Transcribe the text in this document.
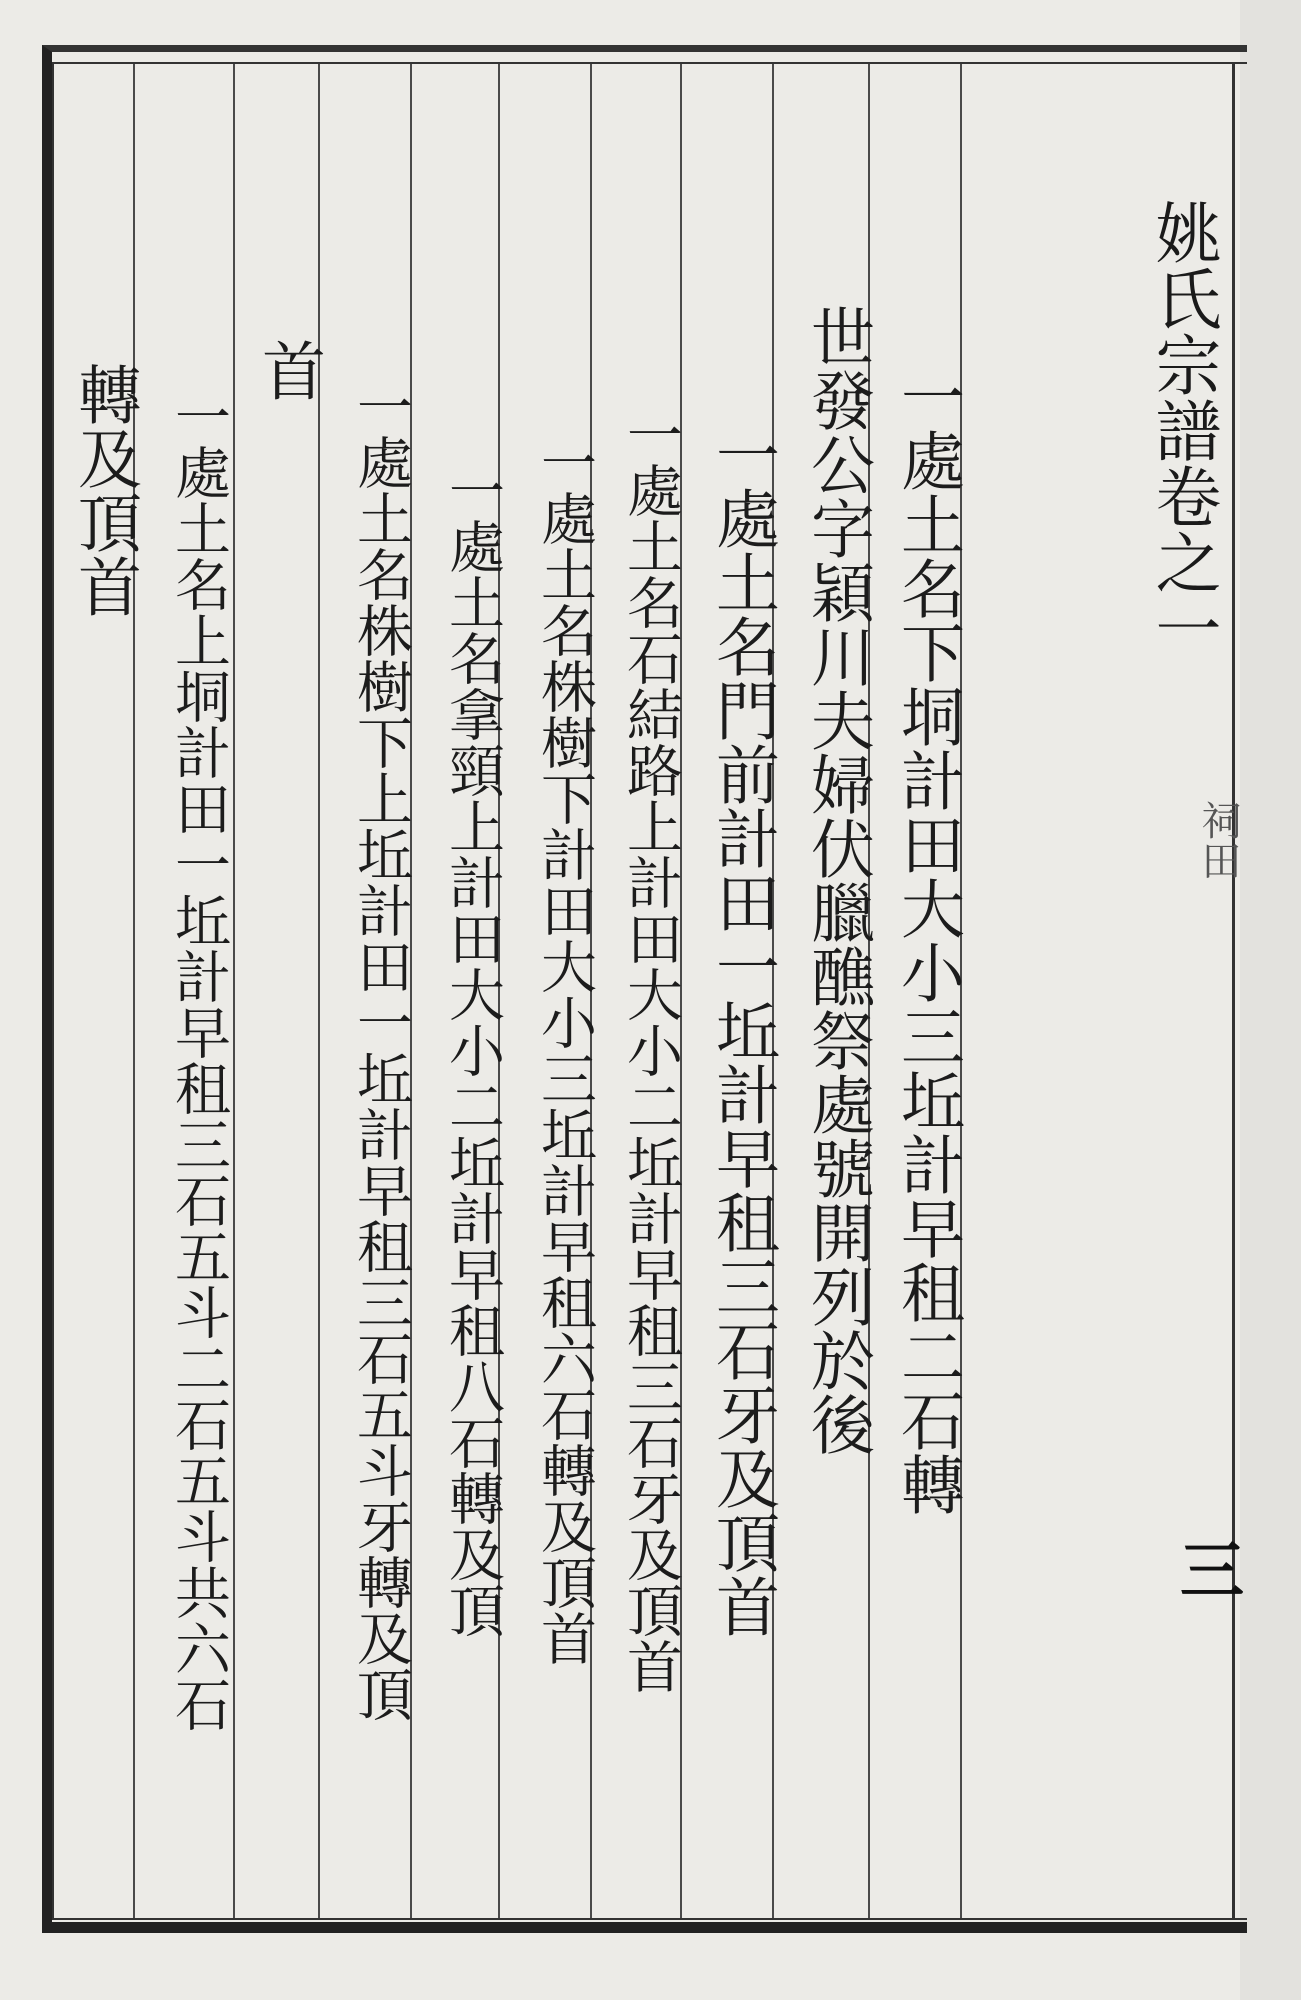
姚氏宗譜卷之一
祠田
三
一處土名下垌計田大小三坵計早租二石轉
世發公字穎川夫婦伏臘醮祭處號開列於後
一處土名門前計田一坵計早租三石牙及頂首
一處土名石結路上計田大小二坵計早租三石牙及頂首
一處土名株樹下計田大小三坵計早租六石轉及頂首
一處土名拿頸上計田大小二坵計早租八石轉及頂
一處土名株樹下上坵計田一坵計早租三石五斗牙轉及頂
首
一處土名上垌計田一坵計早租三石五斗二石五斗共六石
轉及頂首
